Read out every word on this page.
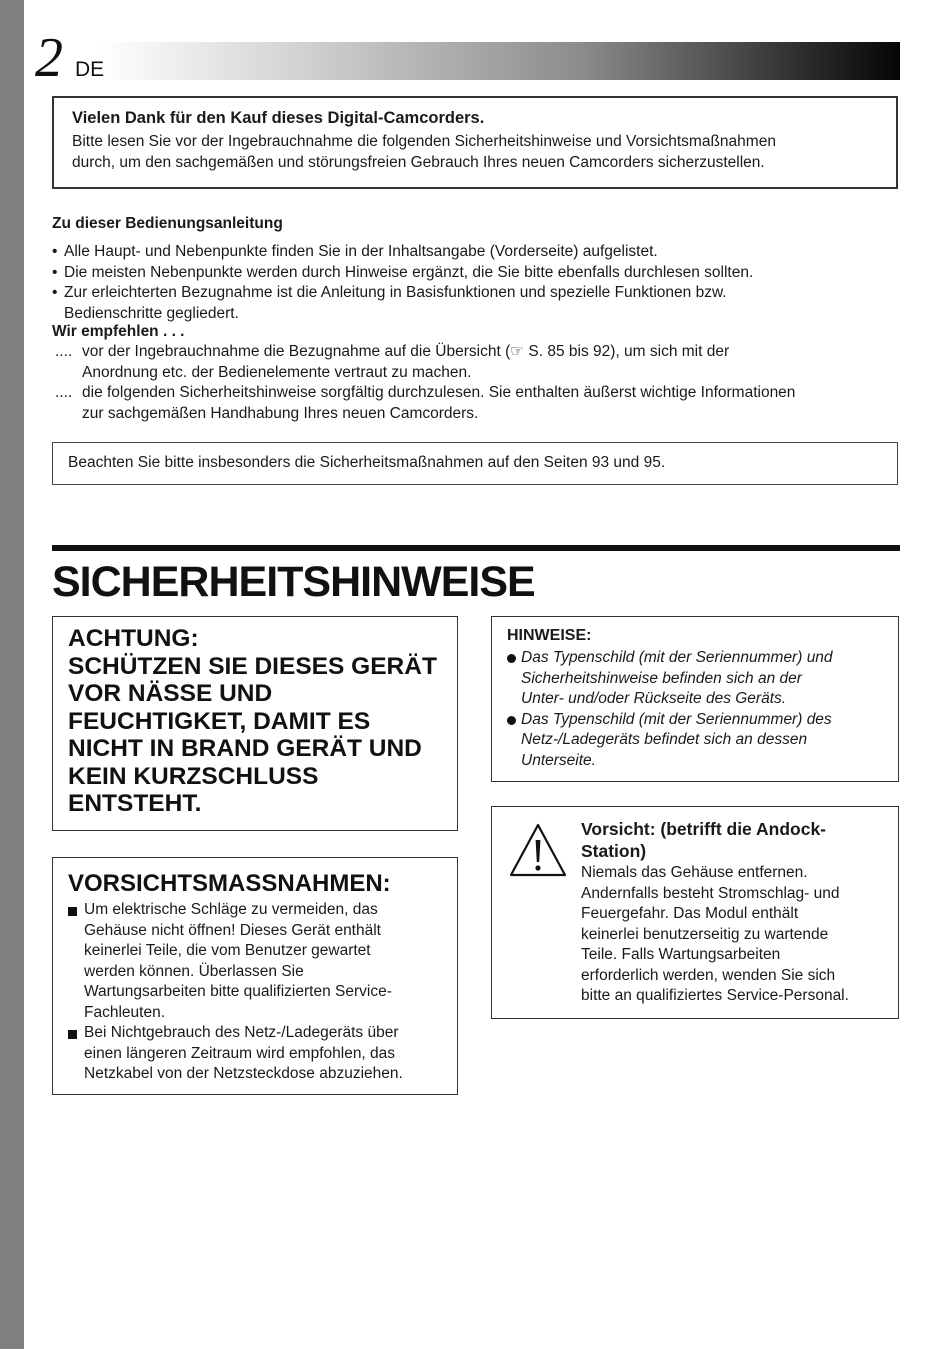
2 DE
Vielen Dank für den Kauf dieses Digital-Camcorders.
Bitte lesen Sie vor der Ingebrauchnahme die folgenden Sicherheitshinweise und Vorsichtsmaßnahmen
durch, um den sachgemäßen und störungsfreien Gebrauch Ihres neuen Camcorders sicherzustellen.
Zu dieser Bedienungsanleitung
• Alle Haupt- und Nebenpunkte finden Sie in der Inhaltsangabe (Vorderseite) aufgelistet.
• Die meisten Nebenpunkte werden durch Hinweise ergänzt, die Sie bitte ebenfalls durchlesen sollten.
• Zur erleichterten Bezugnahme ist die Anleitung in Basisfunktionen und spezielle Funktionen bzw.
Bedienschritte gegliedert.
Wir empfehlen . . .
.... vor der Ingebrauchnahme die Bezugnahme auf die Übersicht (☞ S. 85 bis 92), um sich mit der
Anordnung etc. der Bedienelemente vertraut zu machen.
.... die folgenden Sicherheitshinweise sorgfältig durchzulesen. Sie enthalten äußerst wichtige Informationen
zur sachgemäßen Handhabung Ihres neuen Camcorders.
Beachten Sie bitte insbesonders die Sicherheitsmaßnahmen auf den Seiten 93 und 95.
SICHERHEITSHINWEISE
ACHTUNG:
SCHÜTZEN SIE DIESES GERÄT
VOR NÄSSE UND
FEUCHTIGKET, DAMIT ES
NICHT IN BRAND GERÄT UND
KEIN KURZSCHLUSS
ENTSTEHT.
VORSICHTSMASSNAHMEN:
Um elektrische Schläge zu vermeiden, das
Gehäuse nicht öffnen! Dieses Gerät enthält
keinerlei Teile, die vom Benutzer gewartet
werden können. Überlassen Sie
Wartungsarbeiten bitte qualifizierten Service-
Fachleuten.
Bei Nichtgebrauch des Netz-/Ladegeräts über
einen längeren Zeitraum wird empfohlen, das
Netzkabel von der Netzsteckdose abzuziehen.
HINWEISE:
Das Typenschild (mit der Seriennummer) und
Sicherheitshinweise befinden sich an der
Unter- und/oder Rückseite des Geräts.
Das Typenschild (mit der Seriennummer) des
Netz-/Ladegeräts befindet sich an dessen
Unterseite.
Vorsicht: (betrifft die Andock-
Station)
Niemals das Gehäuse entfernen.
Andernfalls besteht Stromschlag- und
Feuergefahr. Das Modul enthält
keinerlei benutzerseitig zu wartende
Teile. Falls Wartungsarbeiten
erforderlich werden, wenden Sie sich
bitte an qualifiziertes Service-Personal.
